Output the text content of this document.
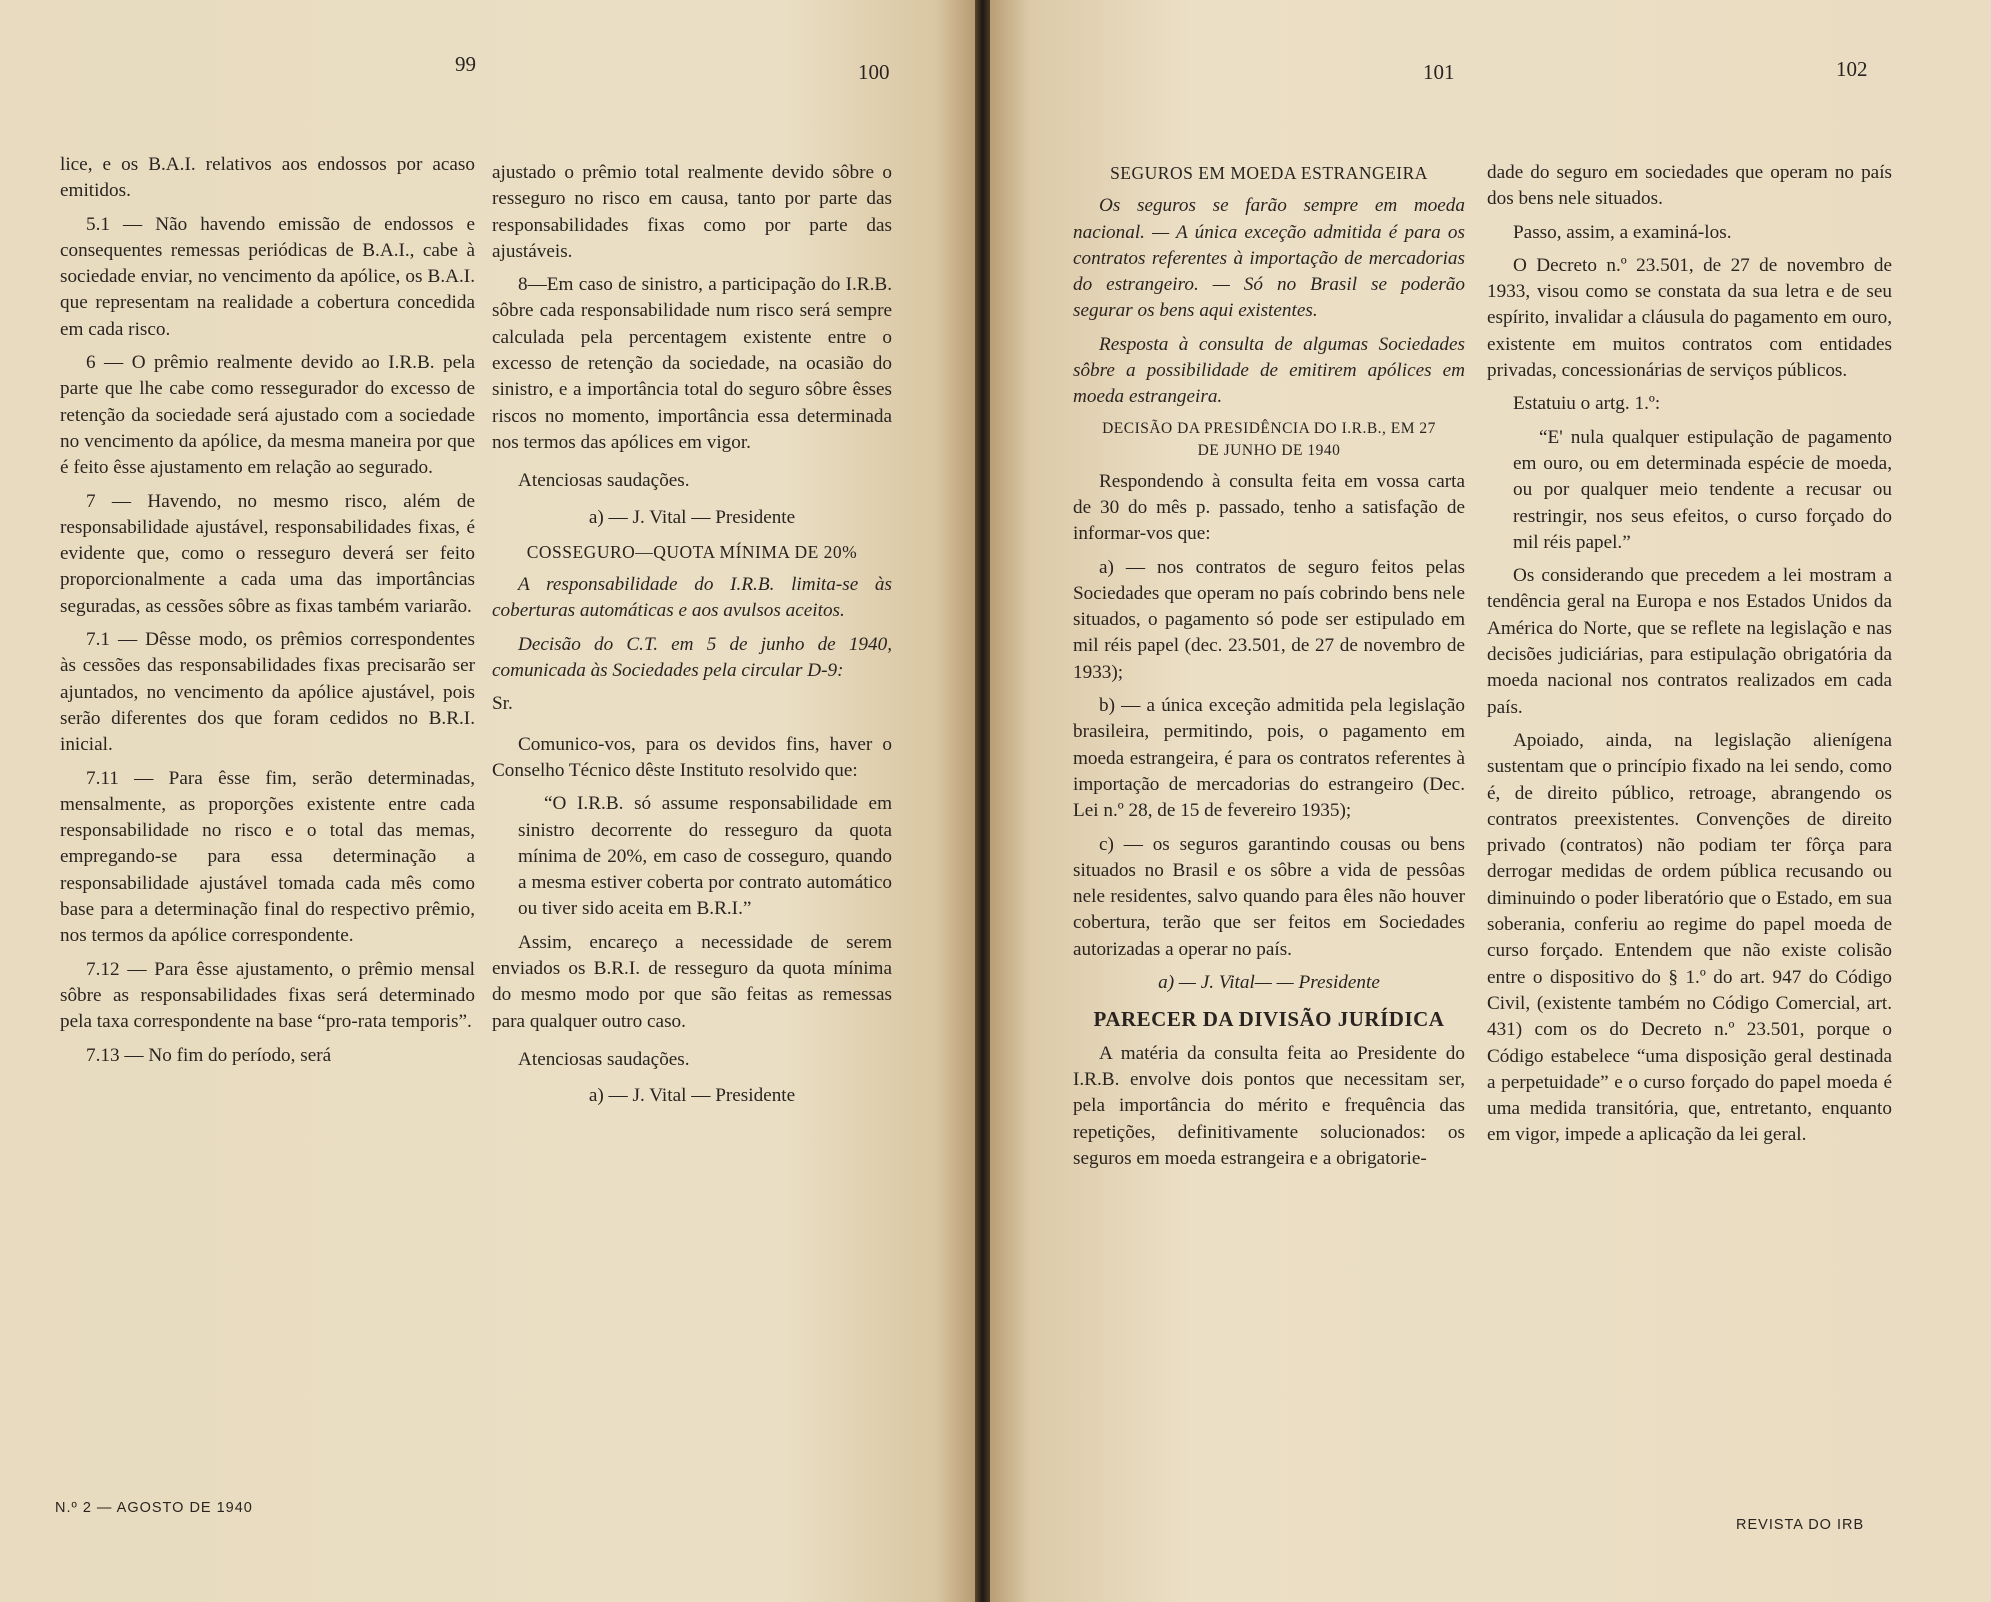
99	100	101	102

lice, e os B.A.I. relativos aos endossos por acaso emitidos.

5.1 — Não havendo emissão de endossos e consequentes remessas periódicas de B.A.I., cabe à sociedade enviar, no vencimento da apólice, os B.A.I. que representam na realidade a cobertura concedida em cada risco.

6 — O prêmio realmente devido ao I.R.B. pela parte que lhe cabe como ressegurador do excesso de retenção da sociedade será ajustado com a sociedade no vencimento da apólice, da mesma maneira por que é feito êsse ajustamento em relação ao segurado.

7 — Havendo, no mesmo risco, além de responsabilidade ajustável, responsabilidades fixas, é evidente que, como o resseguro deverá ser feito proporcionalmente a cada uma das importâncias seguradas, as cessões sôbre as fixas também variarão.

7.1 — Dêsse modo, os prêmios correspondentes às cessões das responsabilidades fixas precisarão ser ajuntados, no vencimento da apólice ajustável, pois serão diferentes dos que foram cedidos no B.R.I. inicial.

7.11 — Para êsse fim, serão determinadas, mensalmente, as proporções existente entre cada responsabilidade no risco e o total das memas, empregando-se para essa determinação a responsabilidade ajustável tomada cada mês como base para a determinação final do respectivo prêmio, nos termos da apólice correspondente.

7.12 — Para êsse ajustamento, o prêmio mensal sôbre as responsabilidades fixas será determinado pela taxa correspondente na base “pro-rata temporis”.

7.13 — No fim do período, será

ajustado o prêmio total realmente devido sôbre o resseguro no risco em causa, tanto por parte das responsabilidades fixas como por parte das ajustáveis.

8—Em caso de sinistro, a participação do I.R.B. sôbre cada responsabilidade num risco será sempre calculada pela percentagem existente entre o excesso de retenção da sociedade, na ocasião do sinistro, e a importância total do seguro sôbre êsses riscos no momento, importância essa determinada nos termos das apólices em vigor.

Atenciosas saudações.

a) — J. Vital — Presidente

COSSEGURO—QUOTA MÍNIMA DE 20%

A responsabilidade do I.R.B. limita-se às coberturas automáticas e aos avulsos aceitos.

Decisão do C.T. em 5 de junho de 1940, comunicada às Sociedades pela circular D-9:

Sr.

Comunico-vos, para os devidos fins, haver o Conselho Técnico dêste Instituto resolvido que:

“O I.R.B. só assume responsabilidade em sinistro decorrente do resseguro da quota mínima de 20%, em caso de cosseguro, quando a mesma estiver coberta por contrato automático ou tiver sido aceita em B.R.I.”

Assim, encareço a necessidade de serem enviados os B.R.I. de resseguro da quota mínima do mesmo modo por que são feitas as remessas para qualquer outro caso.

Atenciosas saudações.

a) — J. Vital — Presidente

SEGUROS EM MOEDA ESTRANGEIRA

Os seguros se farão sempre em moeda nacional. — A única exceção admitida é para os contratos referentes à importação de mercadorias do estrangeiro. — Só no Brasil se poderão segurar os bens aqui existentes.

Resposta à consulta de algumas Sociedades sôbre a possibilidade de emitirem apólices em moeda estrangeira.

DECISÃO DA PRESIDÊNCIA DO I.R.B., EM 27 DE JUNHO DE 1940

Respondendo à consulta feita em vossa carta de 30 do mês p. passado, tenho a satisfação de informar-vos que:

a) — nos contratos de seguro feitos pelas Sociedades que operam no país cobrindo bens nele situados, o pagamento só pode ser estipulado em mil réis papel (dec. 23.501, de 27 de novembro de 1933);

b) — a única exceção admitida pela legislação brasileira, permitindo, pois, o pagamento em moeda estrangeira, é para os contratos referentes à importação de mercadorias do estrangeiro (Dec. Lei n.º 28, de 15 de fevereiro 1935);

c) — os seguros garantindo cousas ou bens situados no Brasil e os sôbre a vida de pessôas nele residentes, salvo quando para êles não houver cobertura, terão que ser feitos em Sociedades autorizadas a operar no país.

a) — J. Vital— — Presidente

PARECER DA DIVISÃO JURÍDICA

A matéria da consulta feita ao Presidente do I.R.B. envolve dois pontos que necessitam ser, pela importância do mérito e frequência das repetições, definitivamente solucionados: os seguros em moeda estrangeira e a obrigatorie-

dade do seguro em sociedades que operam no país dos bens nele situados.

Passo, assim, a examiná-los.

O Decreto n.º 23.501, de 27 de novembro de 1933, visou como se constata da sua letra e de seu espírito, invalidar a cláusula do pagamento em ouro, existente em muitos contratos com entidades privadas, concessionárias de serviços públicos.

Estatuiu o artg. 1.º:

“E' nula qualquer estipulação de pagamento em ouro, ou em determinada espécie de moeda, ou por qualquer meio tendente a recusar ou restringir, nos seus efeitos, o curso forçado do mil réis papel.”

Os considerando que precedem a lei mostram a tendência geral na Europa e nos Estados Unidos da América do Norte, que se reflete na legislação e nas decisões judiciárias, para estipulação obrigatória da moeda nacional nos contratos realizados em cada país.

Apoiado, ainda, na legislação alienígena sustentam que o princípio fixado na lei sendo, como é, de direito público, retroage, abrangendo os contratos preexistentes. Convenções de direito privado (contratos) não podiam ter fôrça para derrogar medidas de ordem pública recusando ou diminuindo o poder liberatório que o Estado, em sua soberania, conferiu ao regime do papel moeda de curso forçado. Entendem que não existe colisão entre o dispositivo do § 1.º do art. 947 do Código Civil, (existente também no Código Comercial, art. 431) com os do Decreto n.º 23.501, porque o Código estabelece “uma disposição geral destinada a perpetuidade” e o curso forçado do papel moeda é uma medida transitória, que, entretanto, enquanto em vigor, impede a aplicação da lei geral.

N.º 2 — AGOSTO DE 1940
REVISTA DO IRB
